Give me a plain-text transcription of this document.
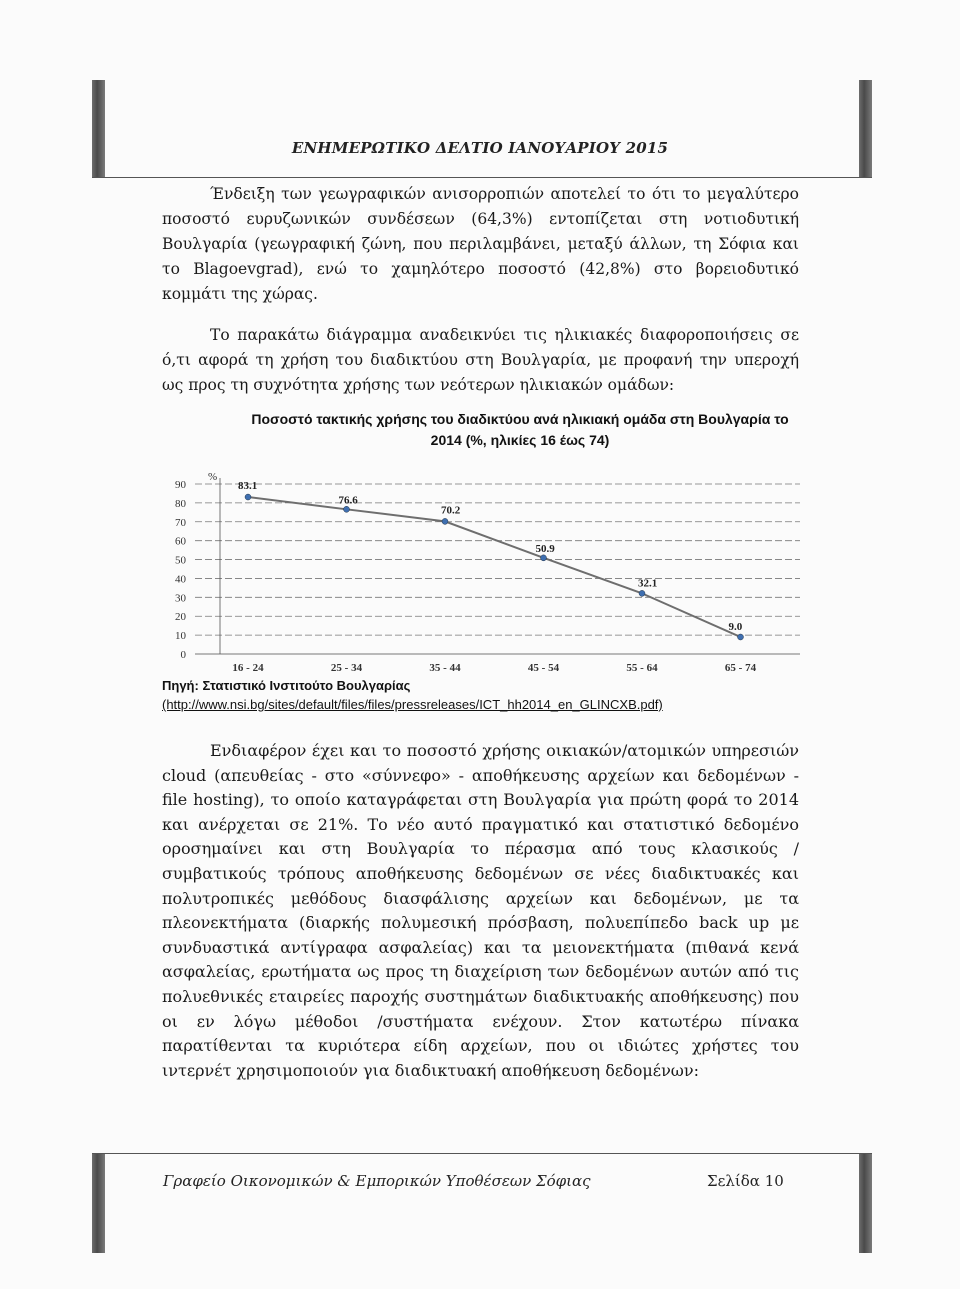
ΕΝΗΜΕΡΩΤΙΚΟ ΔΕΛΤΙΟ ΙΑΝΟΥΑΡΙΟΥ 2015

Ένδειξη των γεωγραφικών ανισορροπιών αποτελεί το ότι το μεγαλύτερο ποσοστό ευρυζωνικών συνδέσεων (64,3%) εντοπίζεται στη νοτιοδυτική Βουλγαρία (γεωγραφική ζώνη, που περιλαμβάνει, μεταξύ άλλων, τη Σόφια και το Blagoevgrad), ενώ το χαμηλότερο ποσοστό (42,8%) στο βορειοδυτικό κομμάτι της χώρας.

Το παρακάτω διάγραμμα αναδεικνύει τις ηλικιακές διαφοροποιήσεις σε ό,τι αφορά τη χρήση του διαδικτύου στη Βουλγαρία, με προφανή την υπεροχή ως προς τη συχνότητα χρήσης των νεότερων ηλικιακών ομάδων:

Ποσοστό τακτικής χρήσης του διαδικτύου ανά ηλικιακή ομάδα στη Βουλγαρία το
2014 (%, ηλικίες 16 έως 74)
0
10
20
30
40
50
60
70
80
90
%
83.1
16 - 24
76.6
25 - 34
70.2
35 - 44
50.9
45 - 54
32.1
55 - 64
9.0
65 - 74
Πηγή: Στατιστικό Ινστιτούτο Βουλγαρίας
(http://www.nsi.bg/sites/default/files/files/pressreleases/ICT_hh2014_en_GLINCXB.pdf)

Ενδιαφέρον έχει και το ποσοστό χρήσης οικιακών/ατομικών υπηρεσιών cloud (απευθείας - στο «σύννεφο» - αποθήκευσης αρχείων και δεδομένων - file hosting), το οποίο καταγράφεται στη Βουλγαρία για πρώτη φορά το 2014 και ανέρχεται σε 21%. Το νέο αυτό πραγματικό και στατιστικό δεδομένο οροσημαίνει και στη Βουλγαρία το πέρασμα από τους κλασικούς / συμβατικούς τρόπους αποθήκευσης δεδομένων σε νέες διαδικτυακές και πολυτροπικές μεθόδους διασφάλισης αρχείων και δεδομένων, με τα πλεονεκτήματα (διαρκής πολυμεσική πρόσβαση, πολυεπίπεδο back up με συνδυαστικά αντίγραφα ασφαλείας) και τα μειονεκτήματα (πιθανά κενά ασφαλείας, ερωτήματα ως προς τη διαχείριση των δεδομένων αυτών από τις πολυεθνικές εταιρείες παροχής συστημάτων διαδικτυακής αποθήκευσης) που οι εν λόγω μέθοδοι /συστήματα ενέχουν. Στον κατωτέρω πίνακα παρατίθενται τα κυριότερα είδη αρχείων, που οι ιδιώτες χρήστες του ιντερνέτ χρησιμοποιούν για διαδικτυακή αποθήκευση δεδομένων:

Γραφείο Οικονομικών & Εμπορικών Υποθέσεων Σόφιας	Σελίδα 10
